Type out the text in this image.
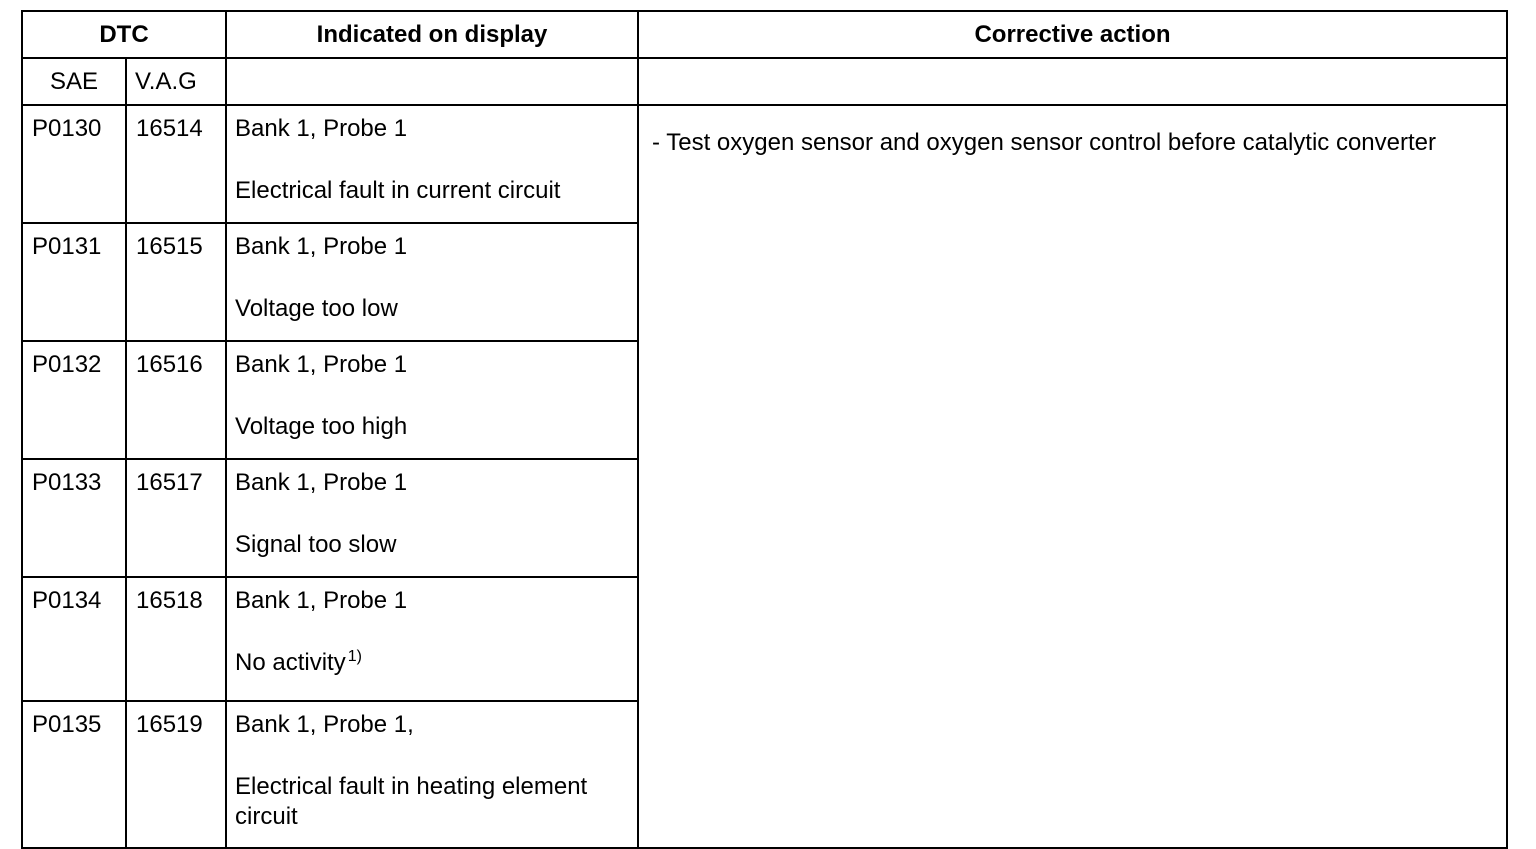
DTC		Indicated on display	Corrective action
SAE	V.A.G		
P0130	16514	Bank 1, Probe 1
Electrical fault in current circuit	- Test oxygen sensor and oxygen sensor control before catalytic converter
P0131	16515	Bank 1, Probe 1
Voltage too low	

P0132	16516	Bank 1, Probe 1
Voltage too high	

P0133	16517	Bank 1, Probe 1
Signal too slow	

P0134	16518	Bank 1, Probe 1
No activity $^{1)}$

P0135	16519	Bank 1, Probe 1,
Electrical fault in heating element circuit	
